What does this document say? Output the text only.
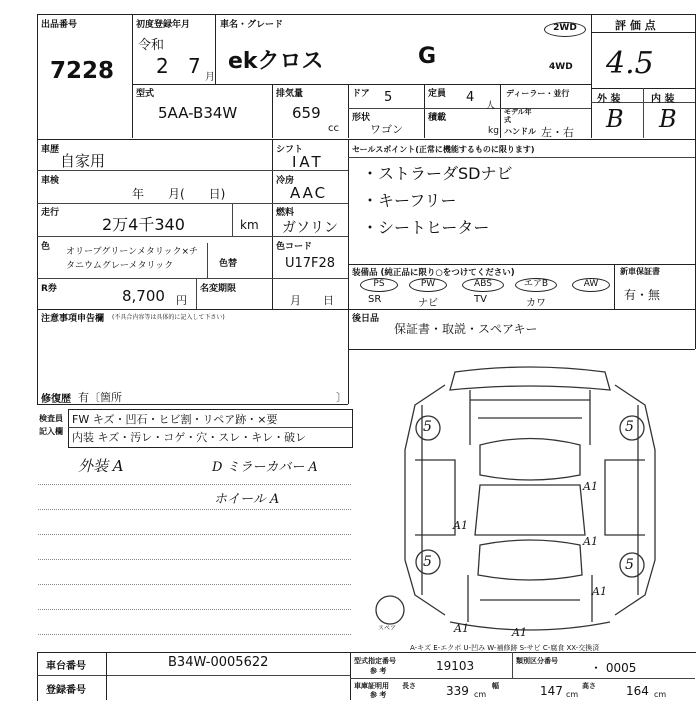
出品番号
7228
初度登録年月
令和
2 7 月
車名・グレード
ekクロス	G
2WD
4WD
評 価 点
4.5
外 装	内 装
B B
型式
5AA-B34W
排気量
659
cc
ドア 5	定員 4
人
ディーラー・並行
形状
ワゴン
積載
kg
モデル年式
ハンドル 左・右
車歴
自家用
シフト
IAT
車検
年　　月(　　日)
冷房
AAC
走行
2万4千340	km
燃料
ガソリン
色 オリーブグリーンメタリック×チタニウムグレーメタリック	色替
色コード
U17F28
R券	8,700 円
名変期限
月　　日
注意事項申告欄 (不具合内容等は具体的に記入して下さい)
修復歴 有〔箇所	〕
セールスポイント(正常に機能するものに限ります)
・ストラーダSDナビ
・キーフリー
・シートヒーター
装備品 (純正品に限り○をつけてください)
PS	PW	ABS	エアB	AW
SR	ナビ	TV	カワ
新車保証書
有・無
後日品
保証書・取説・スペアキー
検査員
記入欄
FW キズ・凹石・ヒビ割・リペア跡・×要
内装 キズ・汚レ・コゲ・穴・スレ・キレ・破レ
外装 A	D ミラーカバー A
ホイール A
5	5
5	5
A1
A1
A1
A1
A1	A1
スペア
A-キズ E-エクボ U-凹み W-補修跡 S-サビ C-腐食 XX-交換済
車台番号	B34W-0005622
登録番号
型式指定番号
参 考	19103	類別区分番号	・ 0005
車庫証明用
参 考
長さ	339 cm
幅	147 cm
高さ	164 cm
